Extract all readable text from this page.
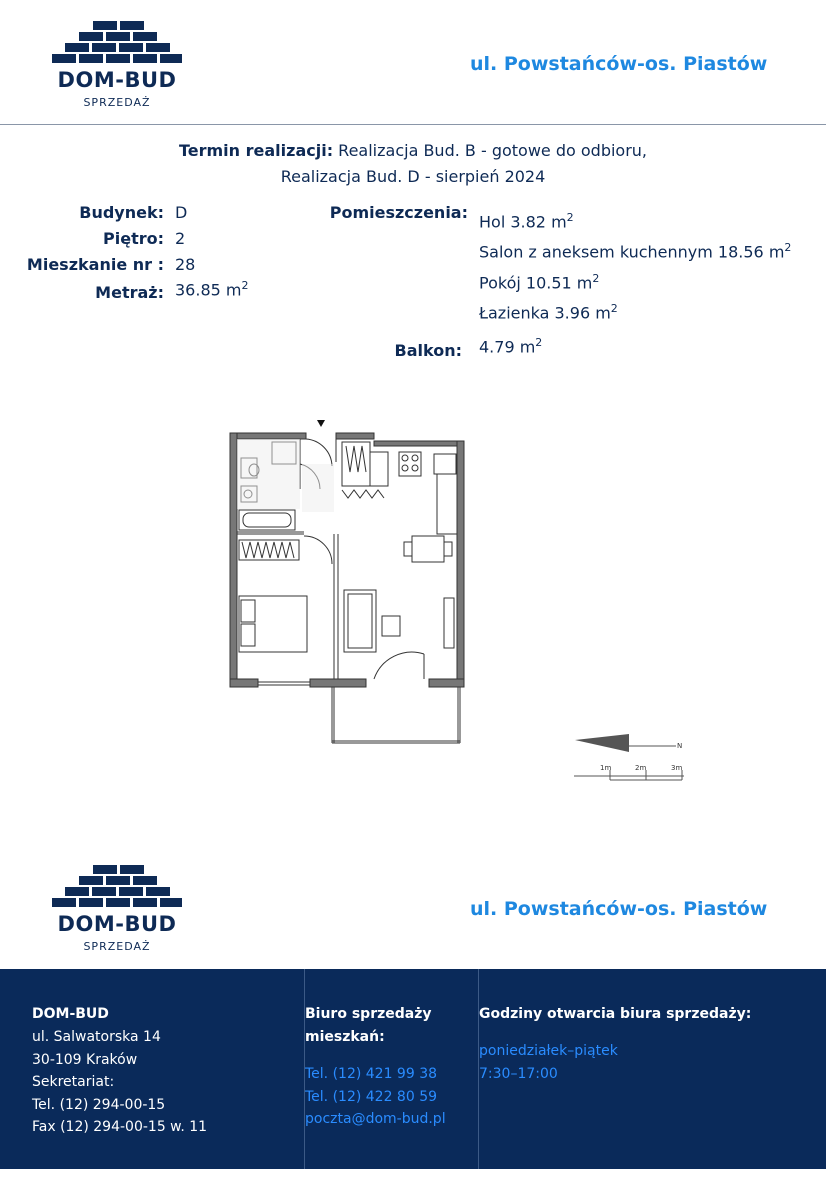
DOM-BUD
SPRZEDAŻ
ul. Powstańców-os. Piastów
Termin realizacji: Realizacja Bud. B - gotowe do odbioru,
Realizacja Bud. D - sierpień 2024
Budynek: D
Piętro: 2
Mieszkanie nr : 28
Metraż: 36.85 $m^2$
Pomieszczenia: Hol 3.82 $m^2$
Salon z aneksem kuchennym 18.56 $m^2$
Pokój 10.51 $m^2$
Łazienka 3.96 $m^2$
Balkon: 4.79 $m^2$
N
1m	2m	3m
DOM-BUD
SPRZEDAŻ
ul. Powstańców-os. Piastów
DOM-BUD
ul. Salwatorska 14
30-109 Kraków
Sekretariat:
Tel. (12) 294-00-15
Fax (12) 294-00-15 w. 11
Biuro sprzedaży
mieszkań:
Tel. (12) 421 99 38
Tel. (12) 422 80 59
poczta@dom-bud.pl
Godziny otwarcia biura sprzedaży:
poniedziałek–piątek
7:30–17:00
